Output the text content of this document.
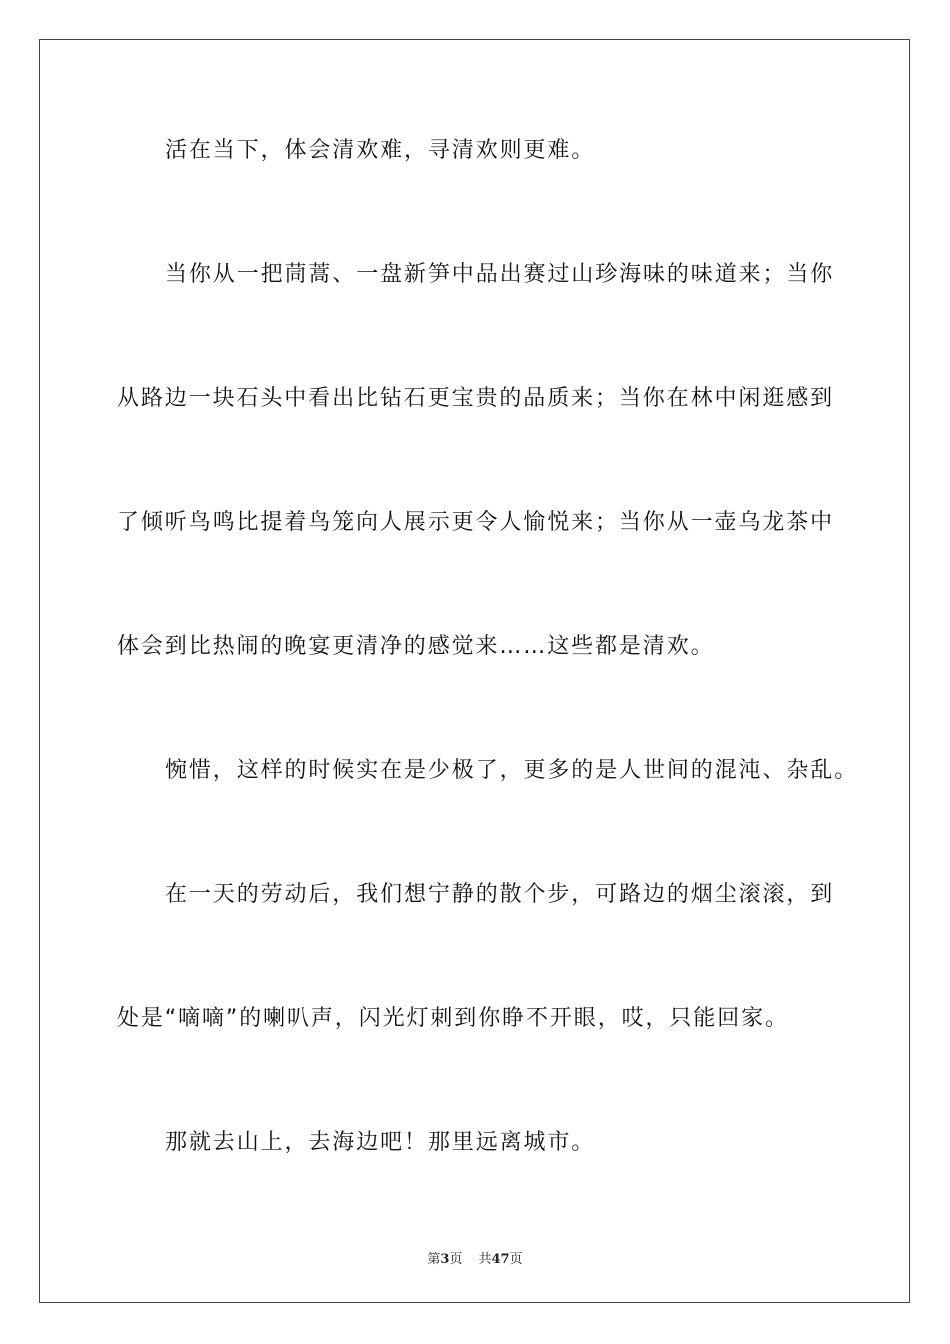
活在当下，体会清欢难，寻清欢则更难。

当你从一把茼蒿、一盘新笋中品出赛过山珍海味的味道来；当你

从路边一块石头中看出比钻石更宝贵的品质来；当你在林中闲逛感到

了倾听鸟鸣比提着鸟笼向人展示更令人愉悦来；当你从一壶乌龙茶中

体会到比热闹的晚宴更清净的感觉来……这些都是清欢。

惋惜，这样的时候实在是少极了，更多的是人世间的混沌、杂乱。

在一天的劳动后，我们想宁静的散个步，可路边的烟尘滚滚，到

处是“嘀嘀”的喇叭声，闪光灯刺到你睁不开眼，哎，只能回家。

那就去山上，去海边吧！那里远离城市。

第3页 共47页
